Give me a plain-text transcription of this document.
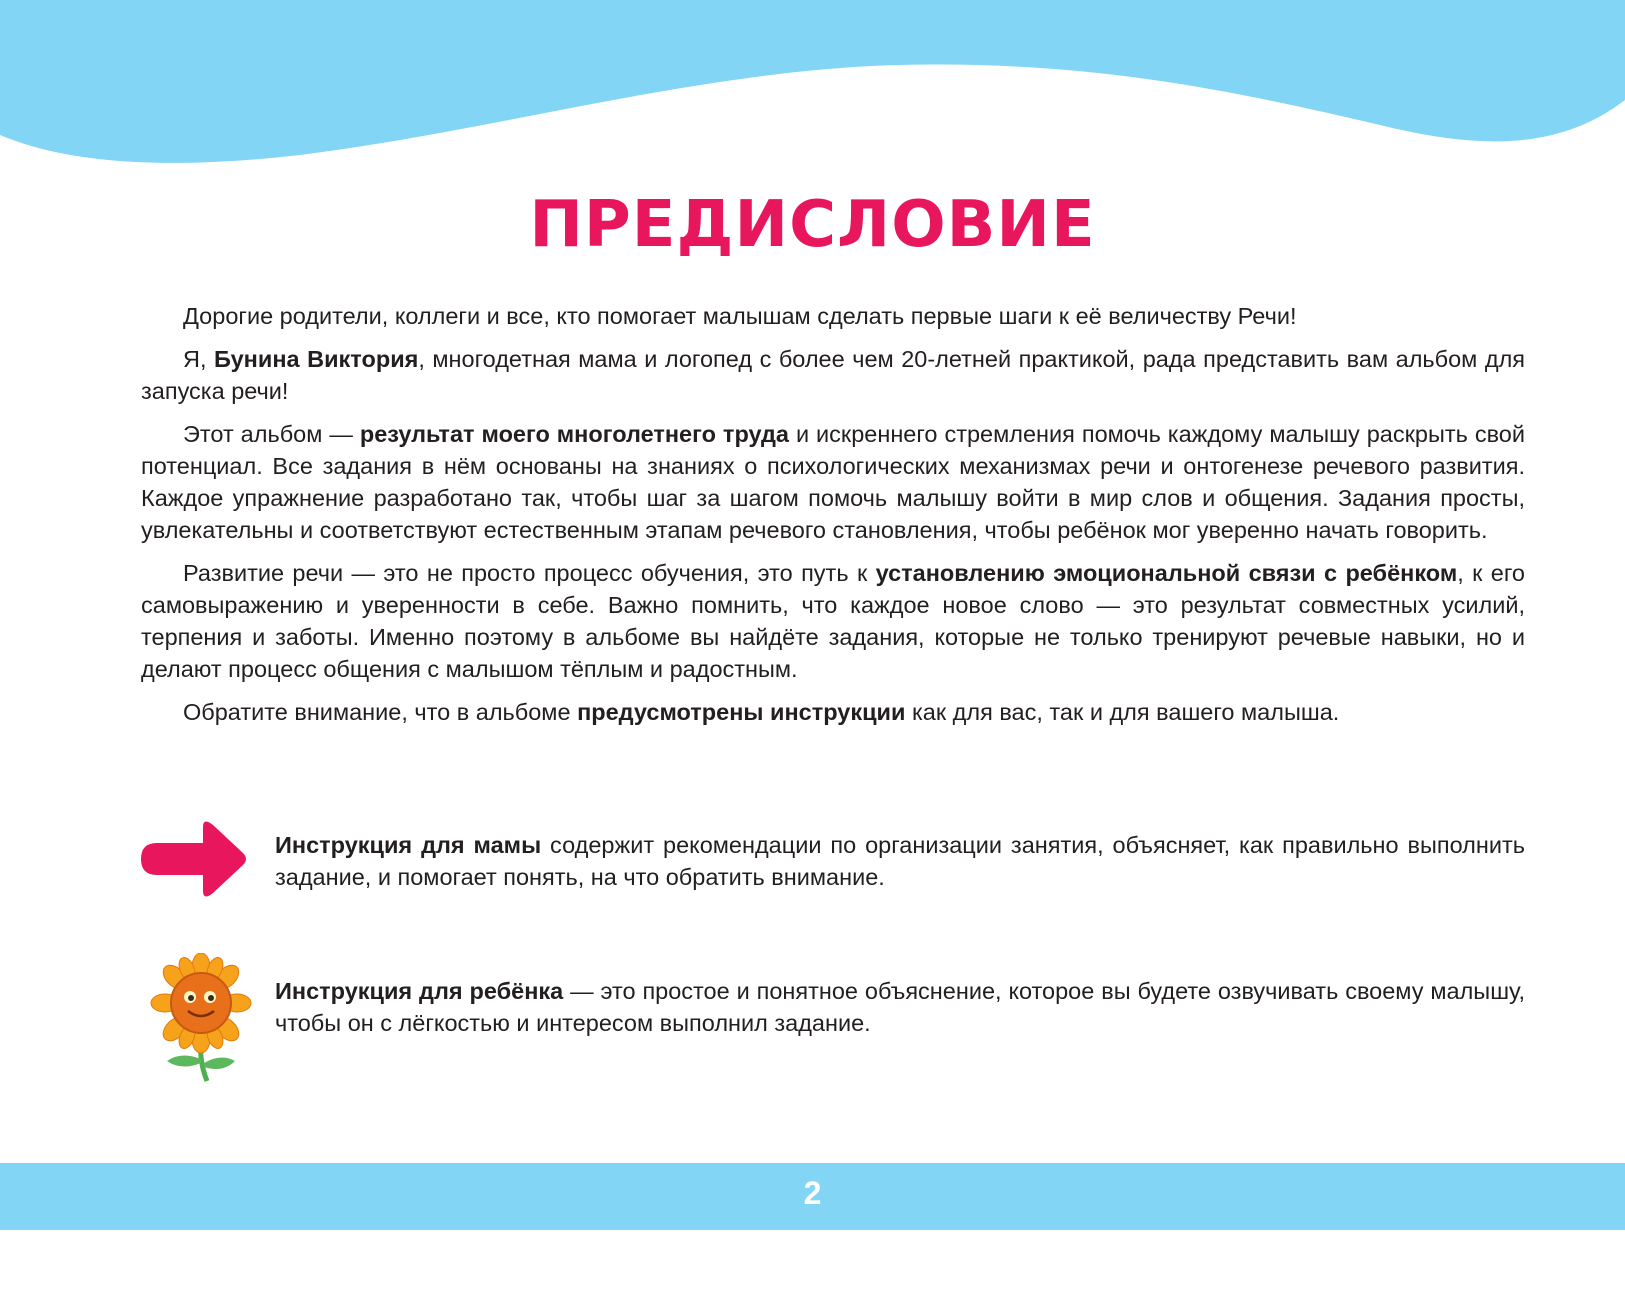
ПРЕДИСЛОВИЕ

Дорогие родители, коллеги и все, кто помогает малышам сделать первые шаги к её величеству Речи!

Я, Бунина Виктория, многодетная мама и логопед с более чем 20-летней практикой, рада представить вам альбом для запуска речи!

Этот альбом — результат моего многолетнего труда и искреннего стремления помочь каждому малышу раскрыть свой потенциал. Все задания в нём основаны на знаниях о психологических механизмах речи и онтогенезе речевого развития. Каждое упражнение разработано так, чтобы шаг за шагом помочь малышу войти в мир слов и общения. Задания просты, увлекательны и соответствуют естественным этапам речевого становления, чтобы ребёнок мог уверенно начать говорить.

Развитие речи — это не просто процесс обучения, это путь к установлению эмоциональной связи с ребёнком, к его самовыражению и уверенности в себе. Важно помнить, что каждое новое слово — это результат совместных усилий, терпения и заботы. Именно поэтому в альбоме вы найдёте задания, которые не только тренируют речевые навыки, но и делают процесс общения с малышом тёплым и радостным.

Обратите внимание, что в альбоме предусмотрены инструкции как для вас, так и для вашего малыша.

Инструкция для мамы содержит рекомендации по организации занятия, объясняет, как правильно выполнить задание, и помогает понять, на что обратить внимание.
Инструкция для ребёнка — это простое и понятное объяснение, которое вы будете озвучивать своему малышу, чтобы он с лёгкостью и интересом выполнил задание.
2
